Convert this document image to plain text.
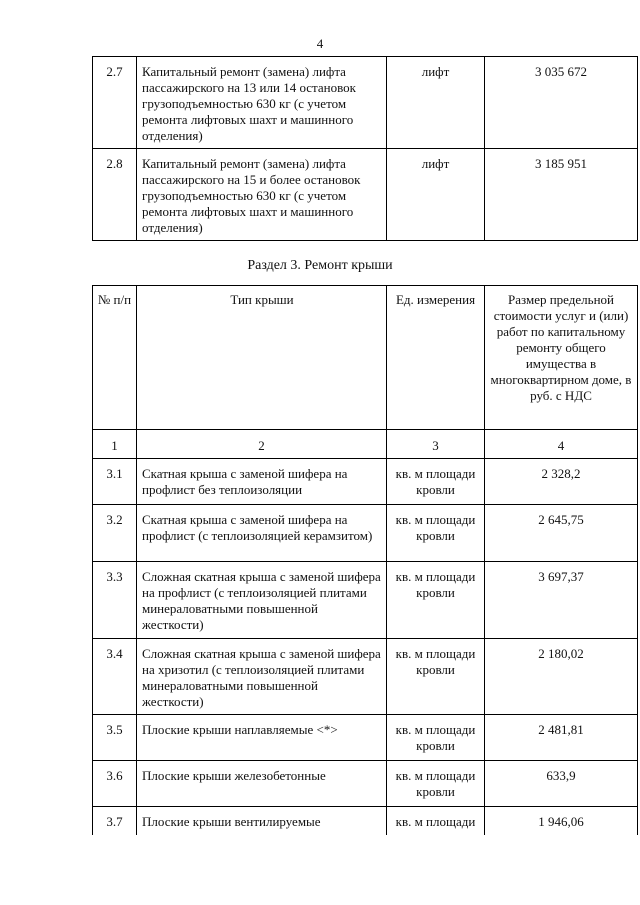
4
2.7	Капитальный ремонт (замена) лифта пассажирского на 13 или 14 остановок грузоподъемностью 630 кг (с учетом ремонта лифтовых шахт и машинного отделения)	лифт	3 035 672
2.8	Капитальный ремонт (замена) лифта пассажирского на 15 и более остановок грузоподъемностью 630 кг (с учетом ремонта лифтовых шахт и машинного отделения)	лифт	3 185 951
Раздел 3. Ремонт крыши
№ п/п	Тип крыши	Ед. измерения	Размер предельной стоимости услуг и (или) работ по капитальному ремонту общего имущества в многоквартирном доме, в руб. с НДС
1	2	3	4
3.1	Скатная крыша с заменой шифера на профлист без теплоизоляции	кв. м площади кровли	2 328,2
3.2	Скатная крыша с заменой шифера на профлист (с теплоизоляцией керамзитом)	кв. м площади кровли	2 645,75
3.3	Сложная скатная крыша с заменой шифера на профлист (с теплоизоляцией плитами минераловатными повышенной жесткости)	кв. м площади кровли	3 697,37
3.4	Сложная скатная крыша с заменой шифера на хризотил (с теплоизоляцией плитами минераловатными повышенной жесткости)	кв. м площади кровли	2 180,02
3.5	Плоские крыши наплавляемые <*>	кв. м площади кровли	2 481,81
3.6	Плоские крыши железобетонные	кв. м площади кровли	633,9
3.7	Плоские крыши вентилируемые	кв. м площади	1 946,06
